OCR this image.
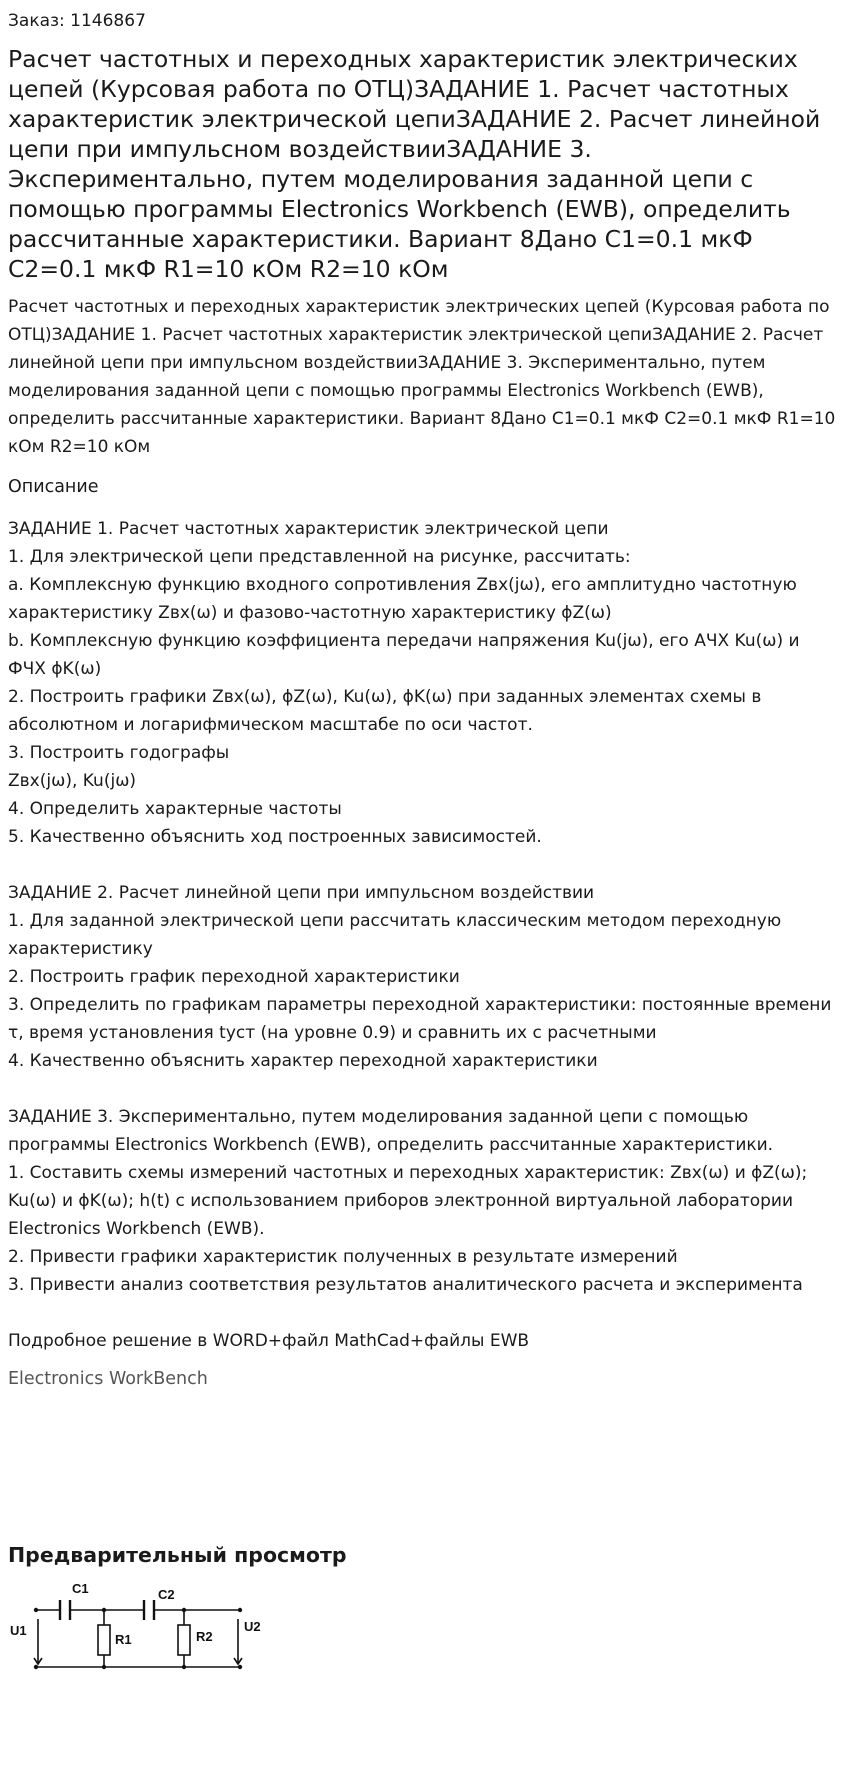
Заказ: 1146867
Расчет частотных и переходных характеристик электрических цепей (Курсовая работа по ОТЦ)ЗАДАНИЕ 1. Расчет частотных характеристик электрической цепиЗАДАНИЕ 2. Расчет линейной цепи при импульсном воздействииЗАДАНИЕ 3. Экспериментально, путем моделирования заданной цепи с помощью программы Electronics Workbench (EWB), определить рассчитанные характеристики. Вариант 8Дано C1=0.1 мкФ C2=0.1 мкФ R1=10 кОм R2=10 кОм

Расчет частотных и переходных характеристик электрических цепей (Курсовая работа по ОТЦ)ЗАДАНИЕ 1. Расчет частотных характеристик электрической цепиЗАДАНИЕ 2. Расчет линейной цепи при импульсном воздействииЗАДАНИЕ 3. Экспериментально, путем моделирования заданной цепи с помощью программы Electronics Workbench (EWB), определить рассчитанные характеристики. Вариант 8Дано C1=0.1 мкФ C2=0.1 мкФ R1=10 кОм R2=10 кОм

Описание
ЗАДАНИЕ 1. Расчет частотных характеристик электрической цепи
1. Для электрической цепи представленной на рисунке, рассчитать:
a. Комплексную функцию входного сопротивления Zвх(jω), его амплитудно частотную характеристику Zвх(ω) и фазово-частотную характеристику ϕZ(ω)
b. Комплексную функцию коэффициента передачи напряжения Ku(jω), его АЧХ Ku(ω) и ФЧХ ϕK(ω)
2. Построить графики Zвх(ω), ϕZ(ω), Ku(ω), ϕK(ω) при заданных элементах схемы в абсолютном и логарифмическом масштабе по оси частот.
3. Построить годографы
Zвх(jω), Ku(jω)
4. Определить характерные частоты
5. Качественно объяснить ход построенных зависимостей.
ЗАДАНИЕ 2. Расчет линейной цепи при импульсном воздействии
1. Для заданной электрической цепи рассчитать классическим методом переходную характеристику
2. Построить график переходной характеристики
3. Определить по графикам параметры переходной характеристики: постоянные времени τ, время установления tуст (на уровне 0.9) и сравнить их с расчетными
4. Качественно объяснить характер переходной характеристики
ЗАДАНИЕ 3. Экспериментально, путем моделирования заданной цепи с помощью программы Electronics Workbench (EWB), определить рассчитанные характеристики.
1. Составить схемы измерений частотных и переходных характеристик: Zвх(ω) и ϕZ(ω); Ku(ω) и ϕK(ω); h(t) с использованием приборов электронной виртуальной лаборатории Electronics Workbench (EWB).
2. Привести графики характеристик полученных в результате измерений
3. Привести анализ соответствия результатов аналитического расчета и эксперимента
Подробное решение в WORD+файл MathCad+файлы EWB
Electronics WorkBench
Предварительный просмотр
C1	C2
R1	R2
U1	U2
